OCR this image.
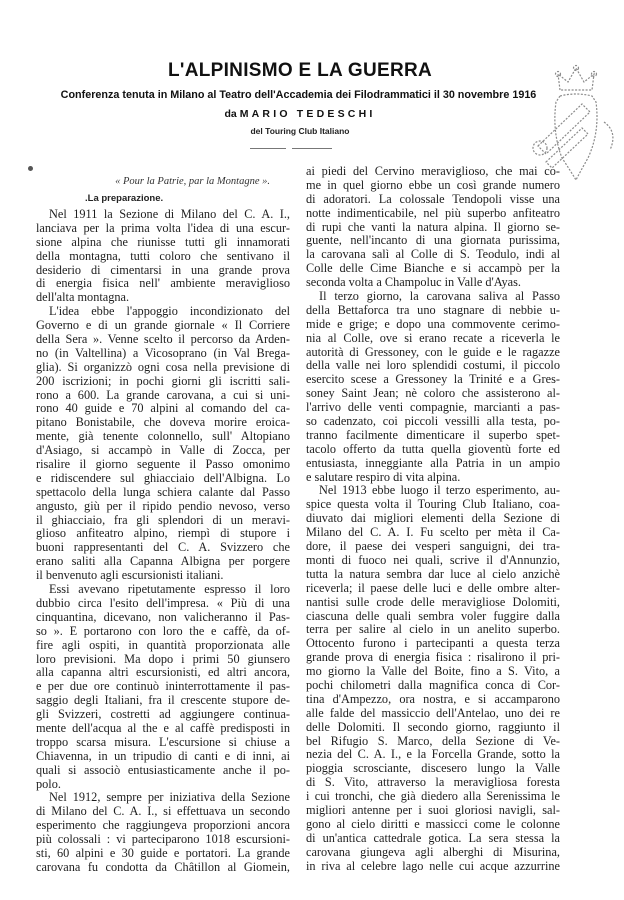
L'ALPINISMO E LA GUERRA
Conferenza tenuta in Milano al Teatro dell'Accademia dei Filodrammatici il 30 novembre 1916
da MARIO TEDESCHI
del Touring Club Italiano
« Pour la Patrie, par la Montagne ».
.La preparazione.
Nel 1911 la Sezione di Milano del C. A. I.,
lanciava per la prima volta l'idea di una escur-
sione alpina che riunisse tutti gli innamorati
della montagna, tutti coloro che sentivano il
desiderio di cimentarsi in una grande prova
di energia fisica nell' ambiente meraviglioso
dell'alta montagna.
L'idea ebbe l'appoggio incondizionato del
Governo e di un grande giornale « Il Corriere
della Sera ». Venne scelto il percorso da Arden-
no (in Valtellina) a Vicosoprano (in Val Brega-
glia). Si organizzò ogni cosa nella previsione di
200 iscrizioni; in pochi giorni gli iscritti sali-
rono a 600. La grande carovana, a cui si uni-
rono 40 guide e 70 alpini al comando del ca-
pitano Bonistabile, che doveva morire eroica-
mente, già tenente colonnello, sull' Altopiano
d'Asiago, si accampò in Valle di Zocca, per
risalire il giorno seguente il Passo omonimo
e ridiscendere sul ghiacciaio dell'Albigna. Lo
spettacolo della lunga schiera calante dal Passo
angusto, giù per il ripido pendio nevoso, verso
il ghiacciaio, fra gli splendori di un meravi-
glioso anfiteatro alpino, riempì di stupore i
buoni rappresentanti del C. A. Svizzero che
erano saliti alla Capanna Albigna per porgere
il benvenuto agli escursionisti italiani.
Essi avevano ripetutamente espresso il loro
dubbio circa l'esito dell'impresa. « Più di una
cinquantina, dicevano, non valicheranno il Pas-
so ». E portarono con loro the e caffè, da of-
fire agli ospiti, in quantità proporzionata alle
loro previsioni. Ma dopo i primi 50 giunsero
alla capanna altri escursionisti, ed altri ancora,
e per due ore continuò ininterrottamente il pas-
saggio degli Italiani, fra il crescente stupore de-
gli Svizzeri, costretti ad aggiungere continua-
mente dell'acqua al the e al caffè predisposti in
troppo scarsa misura. L'escursione si chiuse a
Chiavenna, in un tripudio di canti e di inni, ai
quali si associò entusiasticamente anche il po-
polo.
Nel 1912, sempre per iniziativa della Sezione
di Milano del C. A. I., si effettuava un secondo
esperimento che raggiungeva proporzioni ancora
più colossali : vi parteciparono 1018 escursioni-
sti, 60 alpini e 30 guide e portatori. La grande
carovana fu condotta da Châtillon al Giomein,
ai piedi del Cervino meraviglioso, che mai co-
me in quel giorno ebbe un così grande numero
di adoratori. La colossale Tendopoli visse una
notte indimenticabile, nel più superbo anfiteatro
di rupi che vanti la natura alpina. Il giorno se-
guente, nell'incanto di una giornata purissima,
la carovana salì al Colle di S. Teodulo, indi al
Colle delle Cime Bianche e si accampò per la
seconda volta a Champoluc in Valle d'Ayas.
Il terzo giorno, la carovana saliva al Passo
della Bettaforca tra uno stagnare di nebbie u-
mide e grige; e dopo una commovente cerimo-
nia al Colle, ove si erano recate a riceverla le
autorità di Gressoney, con le guide e le ragazze
della valle nei loro splendidi costumi, il piccolo
esercito scese a Gressoney la Trinité e a Gres-
soney Saint Jean; nè coloro che assisterono al-
l'arrivo delle venti compagnie, marcianti a pas-
so cadenzato, coi piccoli vessilli alla testa, po-
tranno facilmente dimenticare il superbo spet-
tacolo offerto da tutta quella gioventù forte ed
entusiasta, inneggiante alla Patria in un ampio
e salutare respiro di vita alpina.
Nel 1913 ebbe luogo il terzo esperimento, au-
spice questa volta il Touring Club Italiano, coa-
diuvato dai migliori elementi della Sezione di
Milano del C. A. I. Fu scelto per mèta il Ca-
dore, il paese dei vesperi sanguigni, dei tra-
monti di fuoco nei quali, scrive il d'Annunzio,
tutta la natura sembra dar luce al cielo anzichè
riceverla; il paese delle luci e delle ombre alter-
nantisi sulle crode delle meravigliose Dolomiti,
ciascuna delle quali sembra voler fuggire dalla
terra per salire al cielo in un anelito superbo.
Ottocento furono i partecipanti a questa terza
grande prova di energia fisica : risalirono il pri-
mo giorno la Valle del Boite, fino a S. Vito, a
pochi chilometri dalla magnifica conca di Cor-
tina d'Ampezzo, ora nostra, e si accamparono
alle falde del massiccio dell'Antelao, uno dei re
delle Dolomiti. Il secondo giorno, raggiunto il
bel Rifugio S. Marco, della Sezione di Ve-
nezia del C. A. I., e la Forcella Grande, sotto la
pioggia scrosciante, discesero lungo la Valle
di S. Vito, attraverso la meravigliosa foresta
i cui tronchi, che già diedero alla Serenissima le
migliori antenne per i suoi gloriosi navigli, sal-
gono al cielo diritti e massicci come le colonne
di un'antica cattedrale gotica. La sera stessa la
carovana giungeva agli alberghi di Misurina,
in riva al celebre lago nelle cui acque azzurrine
